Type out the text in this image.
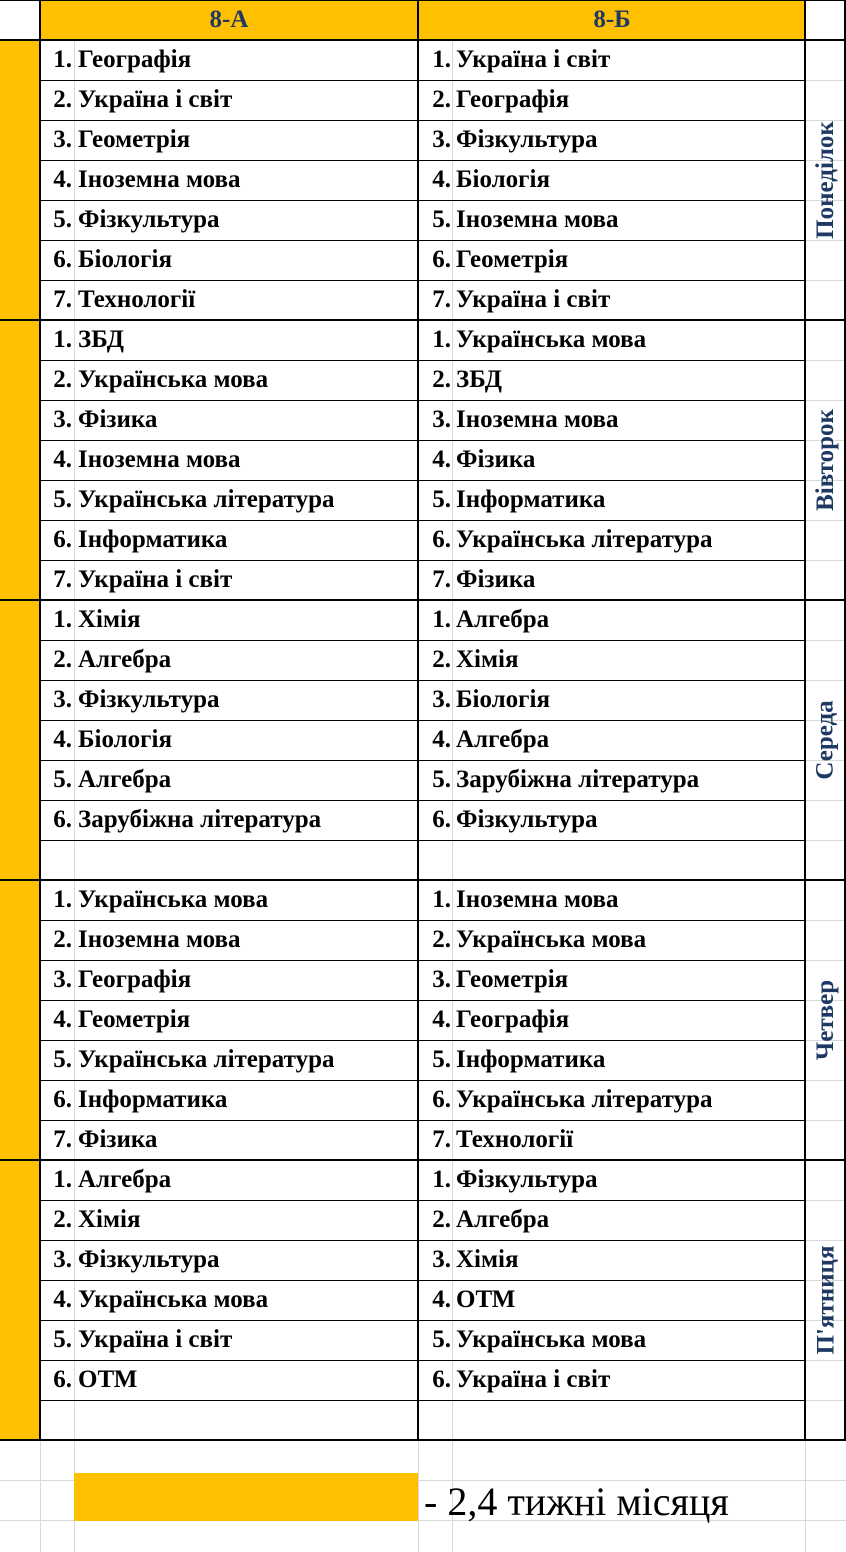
8-А	8-Б
1. Географія	1. Україна і світ
2. Україна і світ	2. Географія
3. Геометрія	3. Фізкультура
4. Іноземна мова	4. Біологія
5. Фізкультура	5. Іноземна мова
6. Біологія	6. Геометрія
7. Технології	7. Україна і світ
Понеділок
1. ЗБД	1. Українська мова
2. Українська мова	2. ЗБД
3. Фізика	3. Іноземна мова
4. Іноземна мова	4. Фізика
5. Українська література	5. Інформатика
6. Інформатика	6. Українська література
7. Україна і світ	7. Фізика
Вівторок
1. Хімія	1. Алгебра
2. Алгебра	2. Хімія
3. Фізкультура	3. Біологія
4. Біологія	4. Алгебра
5. Алгебра	5. Зарубіжна література
6. Зарубіжна література	6. Фізкультура
Середа
1. Українська мова	1. Іноземна мова
2. Іноземна мова	2. Українська мова
3. Географія	3. Геометрія
4. Геометрія	4. Географія
5. Українська література	5. Інформатика
6. Інформатика	6. Українська література
7. Фізика	7. Технології
Четвер
1. Алгебра	1. Фізкультура
2. Хімія	2. Алгебра
3. Фізкультура	3. Хімія
4. Українська мова	4. ОТМ
5. Україна і світ	5. Українська мова
6. ОТМ	6. Україна і світ
П'ятниця
- 2,4 тижні місяця
